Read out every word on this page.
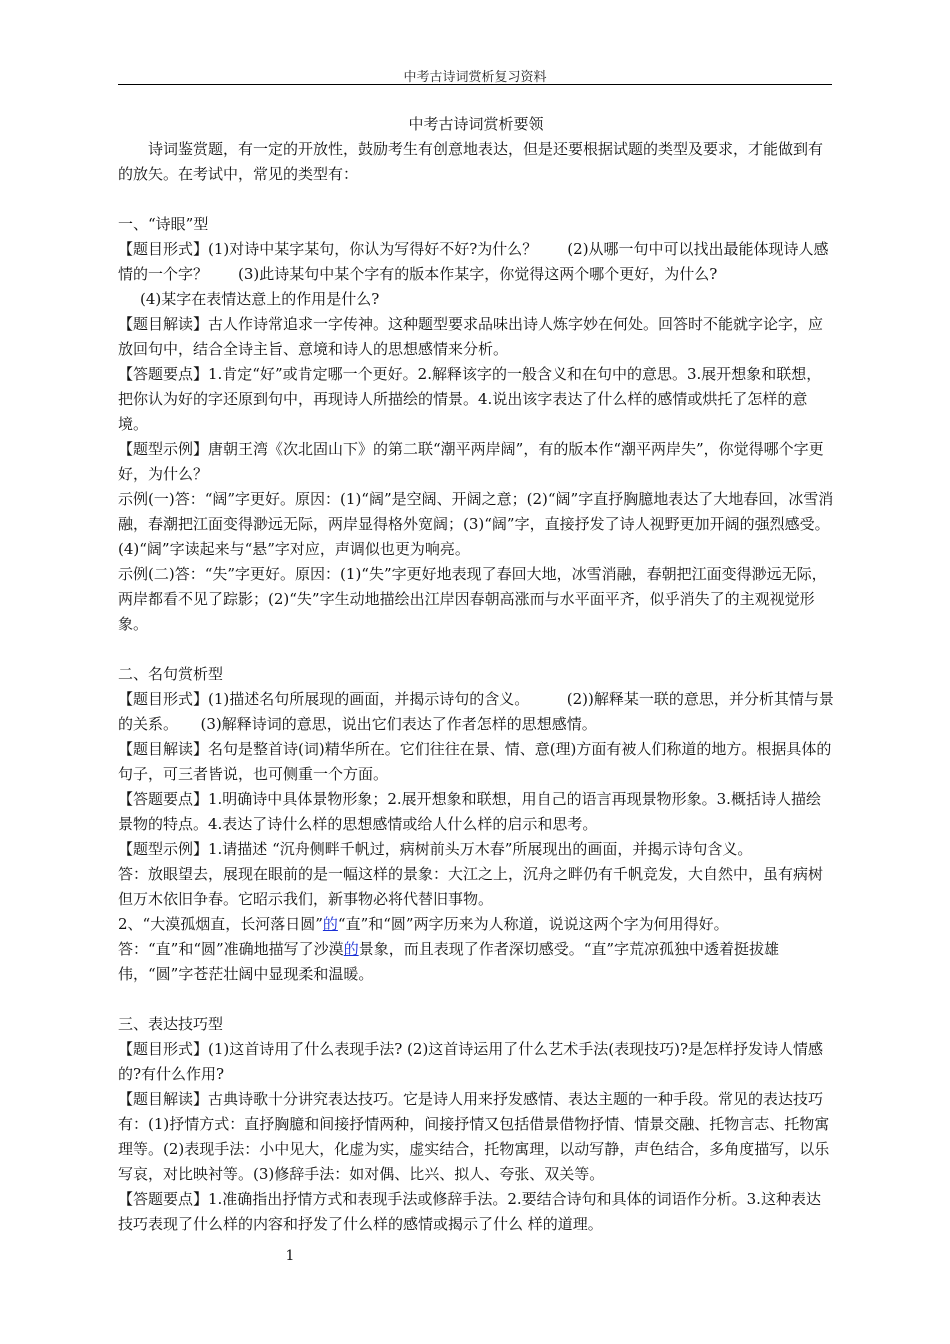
中考古诗词赏析复习资料

中考古诗词赏析要领

诗词鉴赏题，有一定的开放性，鼓励考生有创意地表达，但是还要根据试题的类型及要求，才能做到有的放矢。在考试中，常见的类型有：

一、“诗眼”型

【题目形式】(1)对诗中某字某句，你认为写得好不好?为什么？　　(2)从哪一句中可以找出最能体现诗人感情的一个字？　　(3)此诗某句中某个字有的版本作某字，你觉得这两个哪个更好，为什么?

(4)某字在表情达意上的作用是什么?

【题目解读】古人作诗常追求一字传神。这种题型要求品味出诗人炼字妙在何处。回答时不能就字论字，应放回句中，结合全诗主旨、意境和诗人的思想感情来分析。

【答题要点】1.肯定“好”或肯定哪一个更好。2.解释该字的一般含义和在句中的意思。3.展开想象和联想，把你认为好的字还原到句中，再现诗人所描绘的情景。4.说出该字表达了什么样的感情或烘托了怎样的意境。

【题型示例】唐朝王湾《次北固山下》的第二联“潮平两岸阔”，有的版本作“潮平两岸失”，你觉得哪个字更好，为什么？

示例(一)答：“阔”字更好。原因：(1)“阔”是空阔、开阔之意；(2)“阔”字直抒胸臆地表达了大地春回，冰雪消融，春潮把江面变得渺远无际，两岸显得格外宽阔；(3)“阔”字，直接抒发了诗人视野更加开阔的强烈感受。 (4)“阔”字读起来与“悬”字对应，声调似也更为响亮。

示例(二)答：“失”字更好。原因：(1)“失”字更好地表现了春回大地，冰雪消融，春朝把江面变得渺远无际，两岸都看不见了踪影；(2)“失”字生动地描绘出江岸因春朝高涨而与水平面平齐，似乎消失了的主观视觉形象。

二、名句赏析型

【题目形式】(1)描述名句所展现的画面，并揭示诗句的含义。　　　(2))解释某一联的意思，并分析其情与景的关系。　　(3)解释诗词的意思，说出它们表达了作者怎样的思想感情。

【题目解读】名句是整首诗(词)精华所在。它们往往在景、情、意(理)方面有被人们称道的地方。根据具体的句子，可三者皆说，也可侧重一个方面。

【答题要点】1.明确诗中具体景物形象；2.展开想象和联想，用自己的语言再现景物形象。3.概括诗人描绘景物的特点。4.表达了诗什么样的思想感情或给人什么样的启示和思考。

【题型示例】1.请描述 “沉舟侧畔千帆过，病树前头万木春”所展现出的画面，并揭示诗句含义。

答：放眼望去，展现在眼前的是一幅这样的景象：大江之上，沉舟之畔仍有千帆竞发，大自然中，虽有病树但万木依旧争春。它昭示我们，新事物必将代替旧事物。

2、“大漠孤烟直，长河落日圆”的“直”和“圆”两字历来为人称道，说说这两个字为何用得好。

答：“直”和“圆”准确地描写了沙漠的景象，而且表现了作者深切感受。“直”字荒凉孤独中透着挺拔雄伟，“圆”字苍茫壮阔中显现柔和温暖。

三、表达技巧型

【题目形式】(1)这首诗用了什么表现手法? (2)这首诗运用了什么艺术手法(表现技巧)?是怎样抒发诗人情感的?有什么作用?

【题目解读】古典诗歌十分讲究表达技巧。它是诗人用来抒发感情、表达主题的一种手段。常见的表达技巧有：(1)抒情方式：直抒胸臆和间接抒情两种，间接抒情又包括借景借物抒情、情景交融、托物言志、托物寓理等。(2)表现手法：小中见大，化虚为实，虚实结合，托物寓理，以动写静，声色结合，多角度描写，以乐写哀，对比映衬等。(3)修辞手法：如对偶、比兴、拟人、夸张、双关等。

【答题要点】1.准确指出抒情方式和表现手法或修辞手法。2.要结合诗句和具体的词语作分析。3.这种表达技巧表现了什么样的内容和抒发了什么样的感情或揭示了什么 样的道理。

1
